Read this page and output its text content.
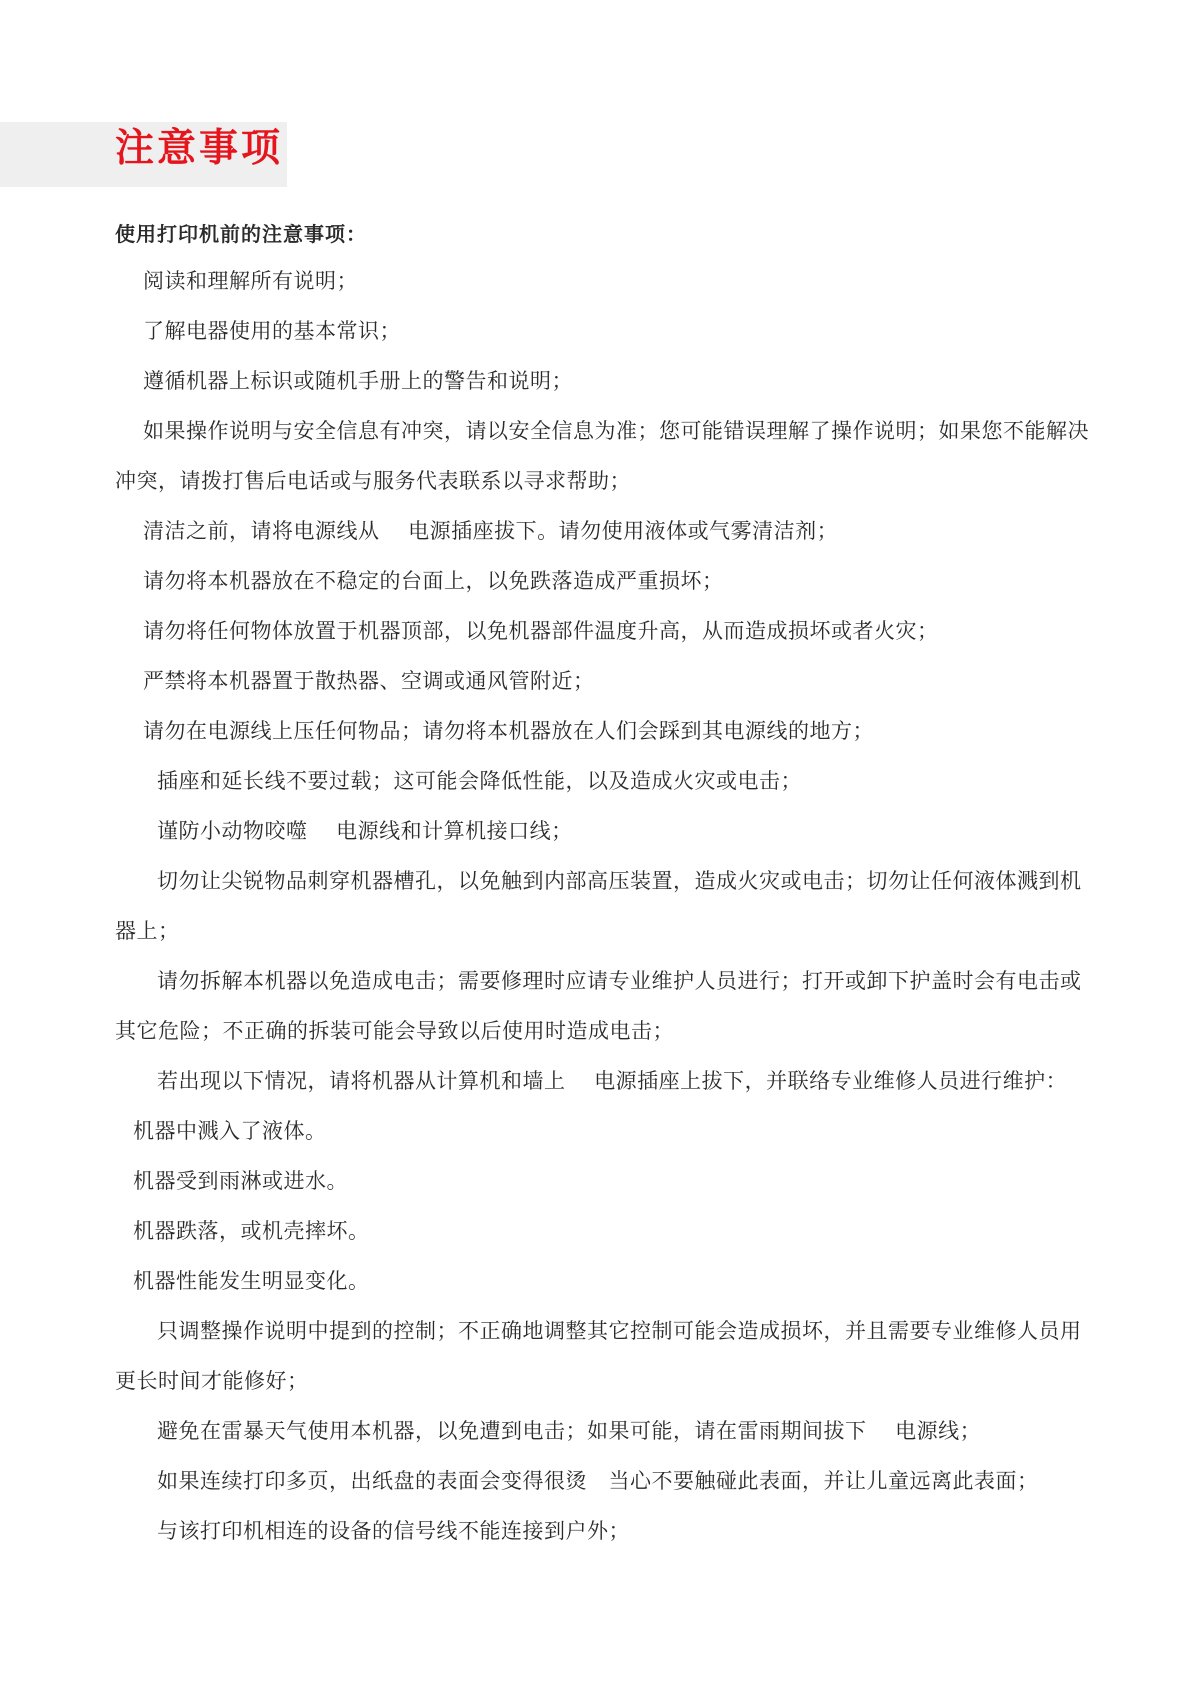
注意事项
使用打印机前的注意事项：

阅读和理解所有说明；

了解电器使用的基本常识；

遵循机器上标识或随机手册上的警告和说明；

如果操作说明与安全信息有冲突，请以安全信息为准；您可能错误理解了操作说明；如果您不能解决冲突，请拨打售后电话或与服务代表联系以寻求帮助；

清洁之前，请将电源线从　 电源插座拔下。请勿使用液体或气雾清洁剂；

请勿将本机器放在不稳定的台面上，以免跌落造成严重损坏；

请勿将任何物体放置于机器顶部，以免机器部件温度升高，从而造成损坏或者火灾；

严禁将本机器置于散热器、空调或通风管附近；

请勿在电源线上压任何物品；请勿将本机器放在人们会踩到其电源线的地方；

插座和延长线不要过载；这可能会降低性能，以及造成火灾或电击；

谨防小动物咬噬　 电源线和计算机接口线；

切勿让尖锐物品刺穿机器槽孔，以免触到内部高压装置，造成火灾或电击；切勿让任何液体溅到机器上；

请勿拆解本机器以免造成电击；需要修理时应请专业维护人员进行；打开或卸下护盖时会有电击或其它危险；不正确的拆装可能会导致以后使用时造成电击；

若出现以下情况，请将机器从计算机和墙上　 电源插座上拔下，并联络专业维修人员进行维护：

机器中溅入了液体。

机器受到雨淋或进水。

机器跌落，或机壳摔坏。

机器性能发生明显变化。

只调整操作说明中提到的控制；不正确地调整其它控制可能会造成损坏，并且需要专业维修人员用更长时间才能修好；

避免在雷暴天气使用本机器，以免遭到电击；如果可能，请在雷雨期间拔下　 电源线；

如果连续打印多页，出纸盘的表面会变得很烫　当心不要触碰此表面，并让儿童远离此表面；

与该打印机相连的设备的信号线不能连接到户外；
